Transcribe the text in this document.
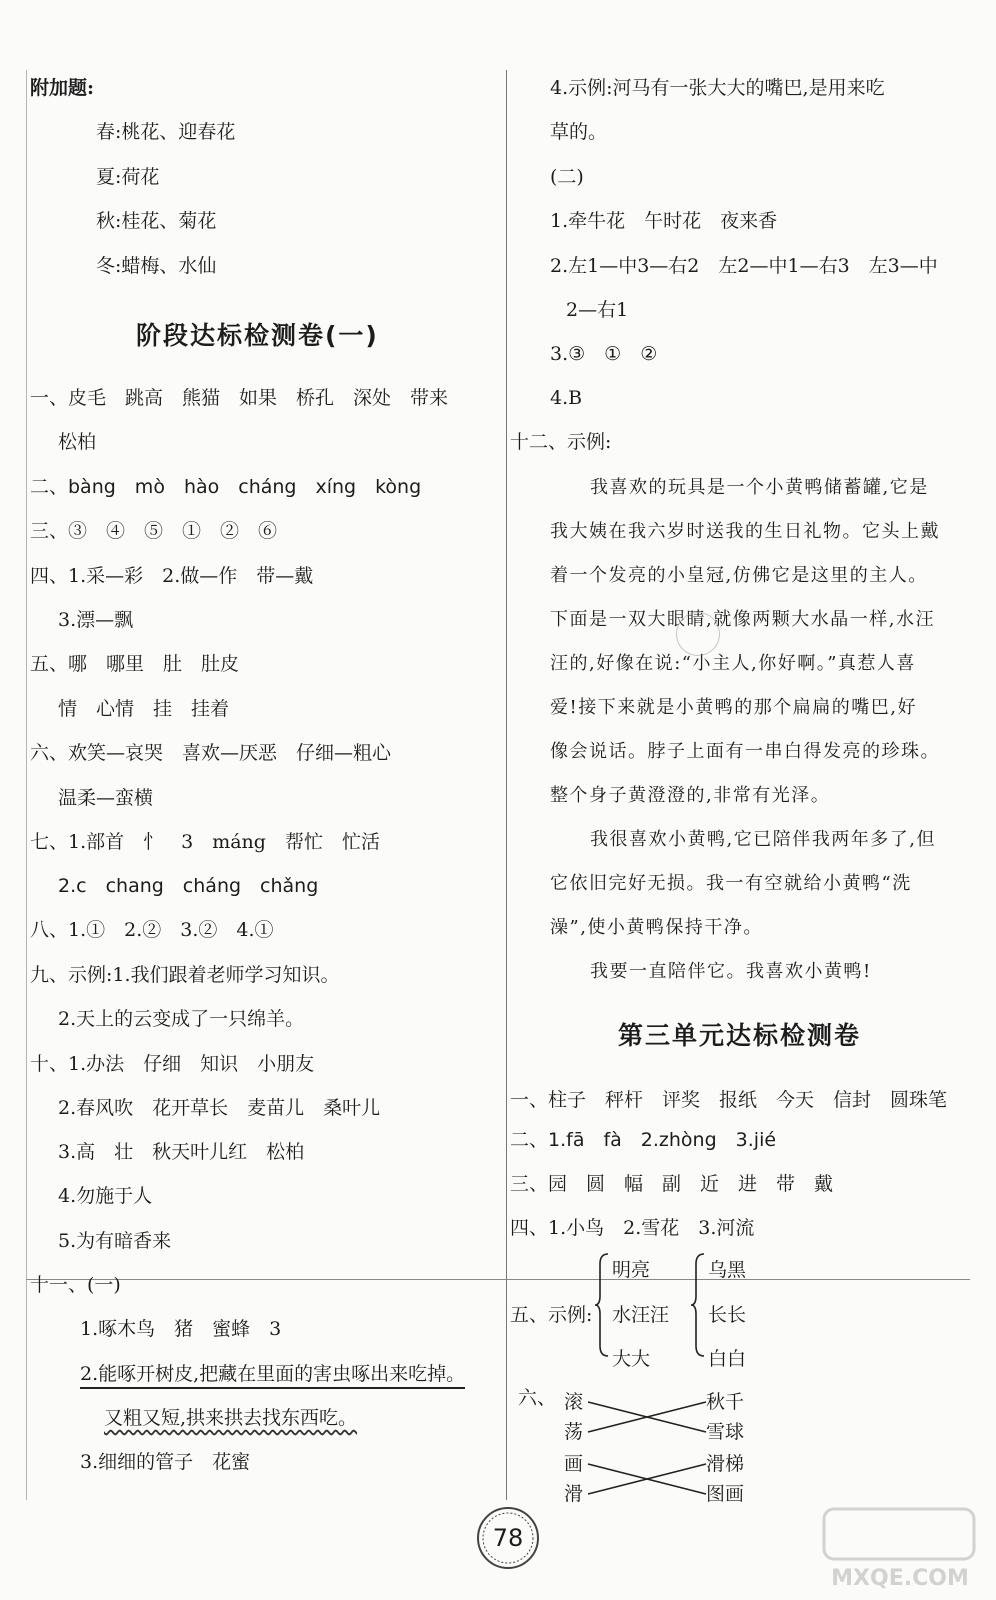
附加题:
春:桃花、迎春花
夏:荷花
秋:桂花、菊花
冬:蜡梅、水仙
阶段达标检测卷(一)
一、皮毛　跳高　熊猫　如果　桥孔　深处　带来
松柏
二、bàng　mò　hào　cháng　xíng　kòng
三、③　④　⑤　①　②　⑥
四、1.采—彩　2.做—作　带—戴
3.漂—飘
五、哪　哪里　肚　肚皮
情　心情　挂　挂着
六、欢笑—哀哭　喜欢—厌恶　仔细—粗心
温柔—蛮横
七、1.部首　忄　3　máng　帮忙　忙活
2.c　chang　cháng　chǎng
八、1.①　2.②　3.②　4.①
九、示例:1.我们跟着老师学习知识。
2.天上的云变成了一只绵羊。
十、1.办法　仔细　知识　小朋友
2.春风吹　花开草长　麦苗儿　桑叶儿
3.高　壮　秋天叶儿红　松柏
4.勿施于人
5.为有暗香来
十一、(一)
1.啄木鸟　猪　蜜蜂　3
2.能啄开树皮,把藏在里面的害虫啄出来吃掉。
又粗又短,拱来拱去找东西吃。
3.细细的管子　花蜜
4.示例:河马有一张大大的嘴巴,是用来吃
草的。
(二)
1.牵牛花　午时花　夜来香
2.左1—中3—右2　左2—中1—右3　左3—中
2—右1
3.③　①　②
4.B
十二、示例:
我喜欢的玩具是一个小黄鸭储蓄罐,它是
我大姨在我六岁时送我的生日礼物。它头上戴
着一个发亮的小皇冠,仿佛它是这里的主人。
下面是一双大眼睛,就像两颗大水晶一样,水汪
汪的,好像在说:“小主人,你好啊。”真惹人喜
爱!接下来就是小黄鸭的那个扁扁的嘴巴,好
像会说话。脖子上面有一串白得发亮的珍珠。
整个身子黄澄澄的,非常有光泽。
我很喜欢小黄鸭,它已陪伴我两年多了,但
它依旧完好无损。我一有空就给小黄鸭“洗
澡”,使小黄鸭保持干净。
我要一直陪伴它。我喜欢小黄鸭!
第三单元达标检测卷
一、柱子　秤杆　评奖　报纸　今天　信封　圆珠笔
二、1.fā　fà　2.zhòng　3.jié
三、园　圆　幅　副　近　进　带　戴
四、1.小鸟　2.雪花　3.河流
五、示例:
明亮
水汪汪
大大
乌黑
长长
白白
六、 滚
荡
画
滑
秋千
雪球
滑梯
图画
78
MXQE.COM
